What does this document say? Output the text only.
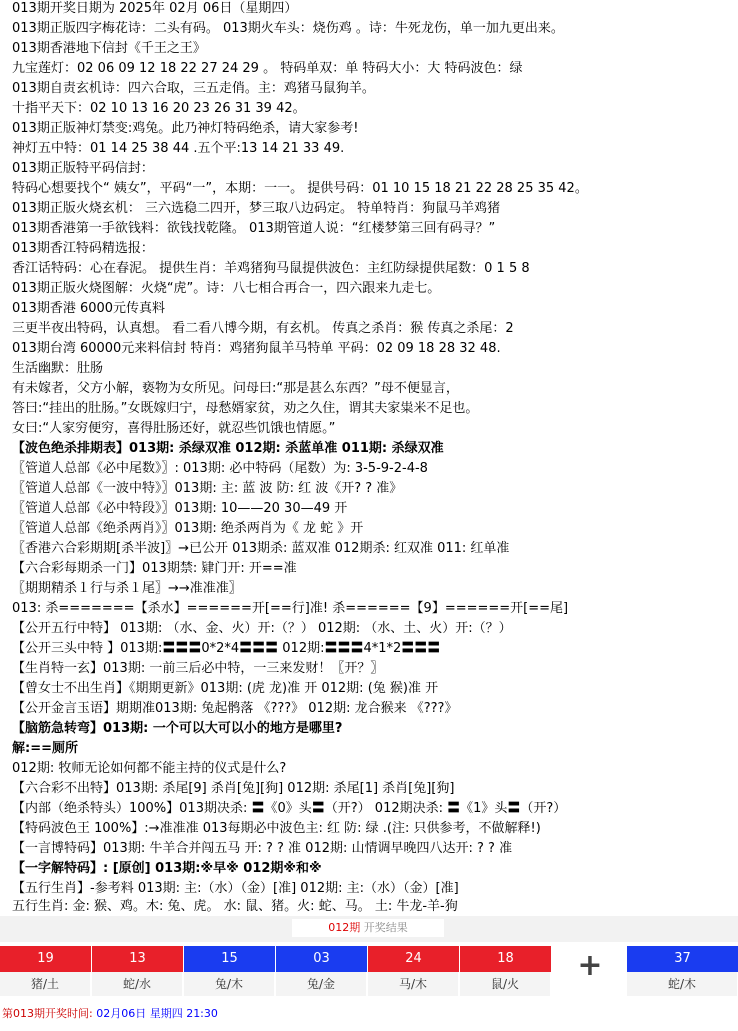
013期开奖日期为 2025年 02月 06日（星期四）
013期正版四字梅花诗：二头有码。 013期火车头：烧伤鸡 。诗：牛死龙伤，单一加九更出来。
013期香港地下信封《千王之王》
九宝莲灯：02 06 09 12 18 22 27 24 29 。 特码单双：单 特码大小：大 特码波色：绿
013期自责玄机诗：四六合取，三五走俏。主：鸡猪马鼠狗羊。
十指平天下：02 10 13 16 20 23 26 31 39 42。
013期正版神灯禁变:鸡兔。此乃神灯特码绝杀，请大家参考!
神灯五中特：01 14 25 38 44 .五个平:13 14 21 33 49.
013期正版特平码信封：
特码心想要找个“ 姨女”，平码“一”，本期：一一。 提供号码：01 10 15 18 21 22 28 25 35 42。
013期正版火烧玄机： 三六选稳二四开，梦三取八边码定。 特单特肖：狗鼠马羊鸡猪
013期香港第一手欲钱料：欲钱找乾隆。 013期管道人说：“红楼梦第三回有码寻？”
013期香江特码精选报：
香江话特码：心在春泥。 提供生肖：羊鸡猪狗马鼠提供波色：主红防绿提供尾数：0 1 5 8
013期正版火烧图解：火烧“虎”。诗：八七相合再合一，四六跟来九走七。
013期香港 6000元传真料
三更半夜出特码，认真想。 看二看八博今期，有玄机。 传真之杀肖：猴 传真之杀尾：2
013期台湾 60000元来料信封 特肖：鸡猪狗鼠羊马特单 平码：02 09 18 28 32 48.
生活幽默：肚肠
有未嫁者，父方小解，亵物为女所见。问母曰:“那是甚么东西？”母不便显言，
答曰:“挂出的肚肠。”女既嫁归宁，母愁婿家贫，劝之久住，谓其夫家粜米不足也。
女曰:“人家穷便穷，喜得肚肠还好，就忍些饥饿也情愿。”
【波色绝杀排期表】013期: 杀绿双准 012期: 杀蓝单准 011期: 杀绿双准
〖管道人总部《必中尾数》〗: 013期: 必中特码（尾数）为: 3-5-9-2-4-8
〖管道人总部《一波中特》〗013期: 主: 蓝 波 防: 红 波《开? ? 准》
〖管道人总部《必中特段》〗013期: 10——20 30—49 开
〖管道人总部《绝杀两肖》〗013期: 绝杀两肖为《 龙 蛇 》开
〖香港六合彩期期[杀半波]〗→已公开 013期杀: 蓝双准 012期杀: 红双准 011: 红单准
【六合彩每期杀一门】013期禁: 肄门开: 开==准
〖期期精杀１行与杀１尾〗→→准准准〗
013: 杀=======【杀水】======开[==行]准! 杀======【9】======开[==尾]
【公开五行中特】 013期: （水、金、火）开:（？） 012期: （水、土、火）开:（？）
【公开三头中特 】013期:〓〓〓0*2*4〓〓〓 012期:〓〓〓4*1*2〓〓〓
【生肖特一玄】013期: 一前三后必中特，一三来发财！〖开？〗
【曾女士不出生肖】《期期更新》013期: (虎 龙)准 开 012期: (兔 猴)准 开
【公开金言玉语】期期准013期: 兔起鹘落 《???》 012期: 龙合猴来 《???》
【脑筋急转弯】013期: 一个可以大可以小的地方是哪里?
解:==厕所
012期: 牧师无论如何都不能主持的仪式是什么?
【六合彩不出特】013期: 杀尾[9] 杀肖[兔][狗] 012期: 杀尾[1] 杀肖[兔][狗]
【内部（绝杀特头）100%】013期决杀: 〓《0》头〓（开?） 012期决杀: 〓《1》头〓（开?）
【特码波色王 100%】:→准准准 013每期必中波色主: 红 防: 绿 .(注: 只供参考，不做解释!)
【一言博特码】013期: 牛羊合并闯五马 开: ? ? 准 012期: 山情调早晚四八达开: ? ? 准
【一字解特码】: [原创] 013期:※早※ 012期※和※
【五行生肖】-参考料 013期: 主:（水）（金）[准] 012期: 主:（水）（金）[准]
五行生肖: 金: 猴、鸡。木: 兔、虎。 水: 鼠、猪。火: 蛇、马。 土: 牛龙-羊-狗
012期 开奖结果
19
猪/土
13
蛇/水
15
兔/木
03
兔/金
24
马/木
18
鼠/火
37
蛇/木
+
第013期开奖时间: 02月06日 星期四 21:30
